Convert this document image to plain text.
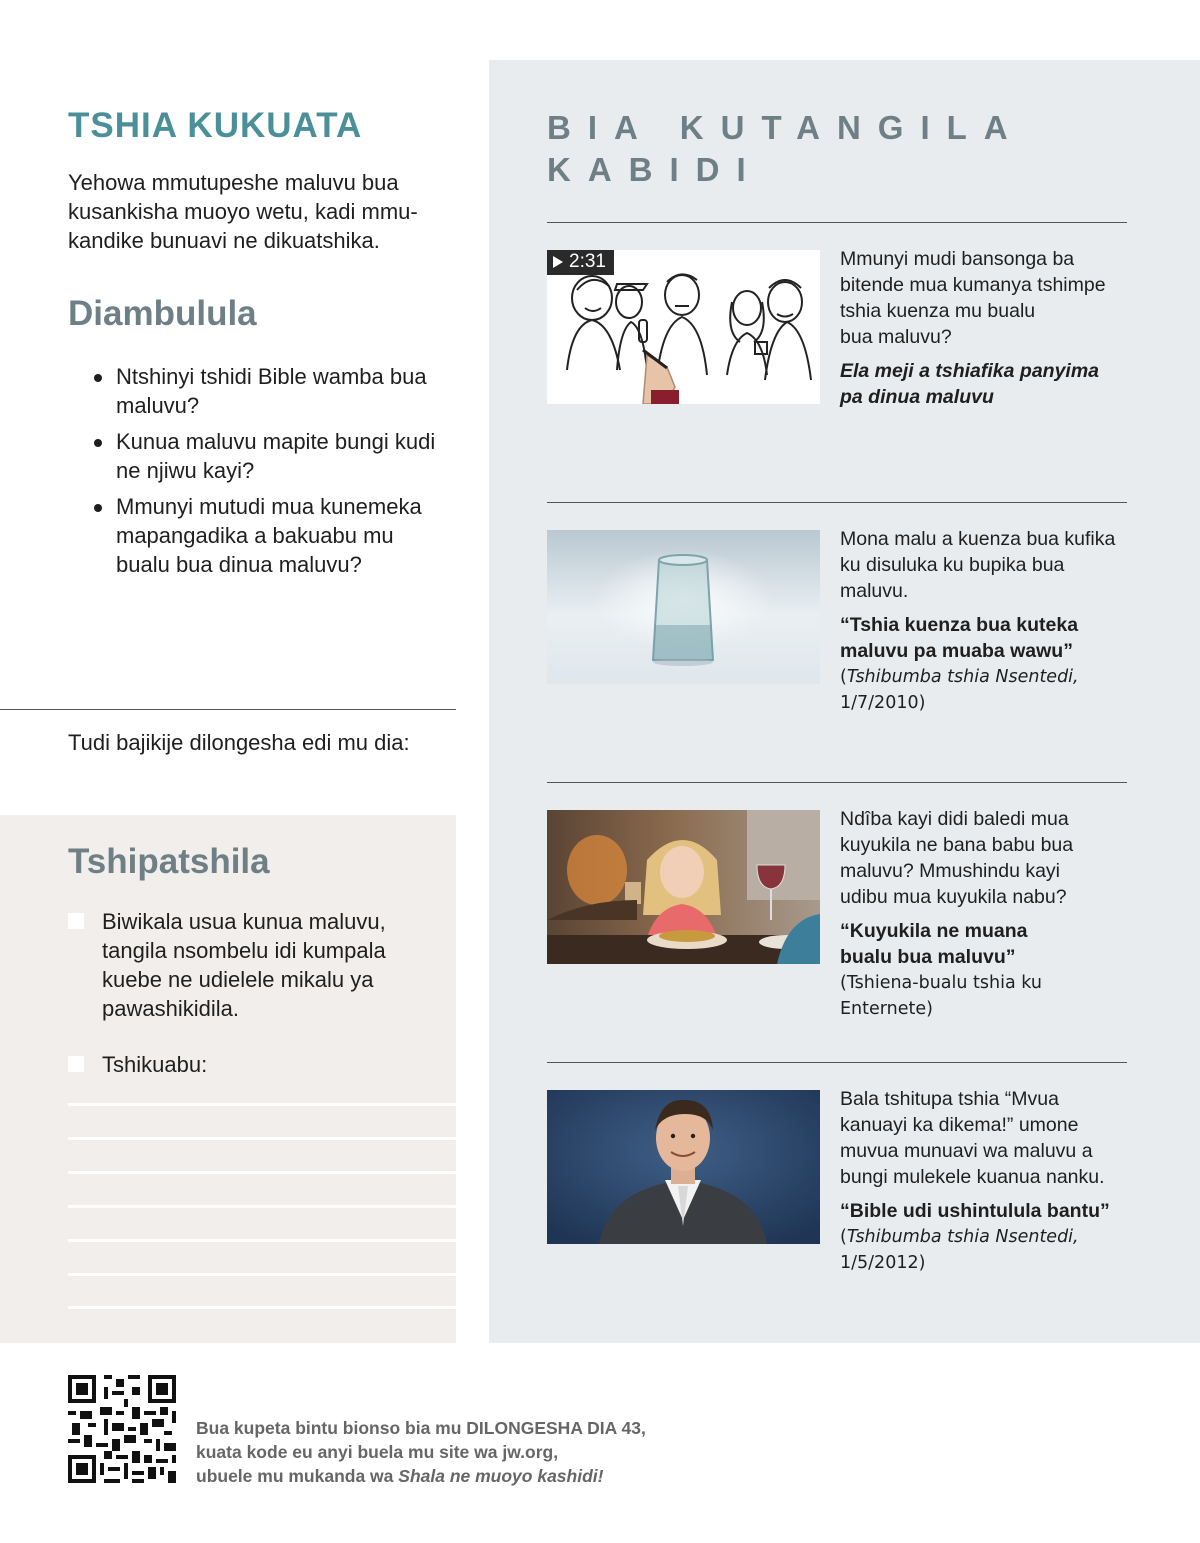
TSHIA KUKUATA

Yehowa mmutupeshe maluvu bua
kusankisha muoyo wetu, kadi mmu-
kandike bunuavi ne dikuatshika.

Diambulula
Ntshinyi tshidi Bible wamba bua
maluvu?
Kunua maluvu mapite bungi kudi
ne njiwu kayi?
Mmunyi mutudi mua kunemeka
mapangadika a bakuabu mu
bualu bua dinua maluvu?

Tudi bajikije dilongesha edi mu dia:

Tshipatshila
Biwikala usua kunua maluvu,
tangila nsombelu idi kumpala
kuebe ne udielele mikalu ya
pawashikidila.
Tshikuabu:
BIA KUTANGILA
KABIDI
2:31	Mmunyi mudi bansonga ba
bitende mua kumanya tshimpe
tshia kuenza mu bualu
bua maluvu?

Ela meji a tshiafika panyima
pa dinua maluvu

Mona malu a kuenza bua kufika
ku disuluka ku bupika bua
maluvu.

“Tshia kuenza bua kuteka
maluvu pa muaba wawu”

(Tshibumba tshia Nsentedi,
1/7/2010)

Ndîba kayi didi baledi mua
kuyukila ne bana babu bua
maluvu? Mmushindu kayi
udibu mua kuyukila nabu?

“Kuyukila ne muana
bualu bua maluvu”

(Tshiena-bualu tshia ku Enternete)

Bala tshitupa tshia “Mvua
kanuayi ka dikema!” umone
muvua munuavi wa maluvu a
bungi mulekele kuanua nanku.

“Bible udi ushintulula bantu”

(Tshibumba tshia Nsentedi,
1/5/2012)

Bua kupeta bintu bionso bia mu DILONGESHA DIA 43,
kuata kode eu anyi buela mu site wa jw.org,
ubuele mu mukanda wa Shala ne muoyo kashidi!
